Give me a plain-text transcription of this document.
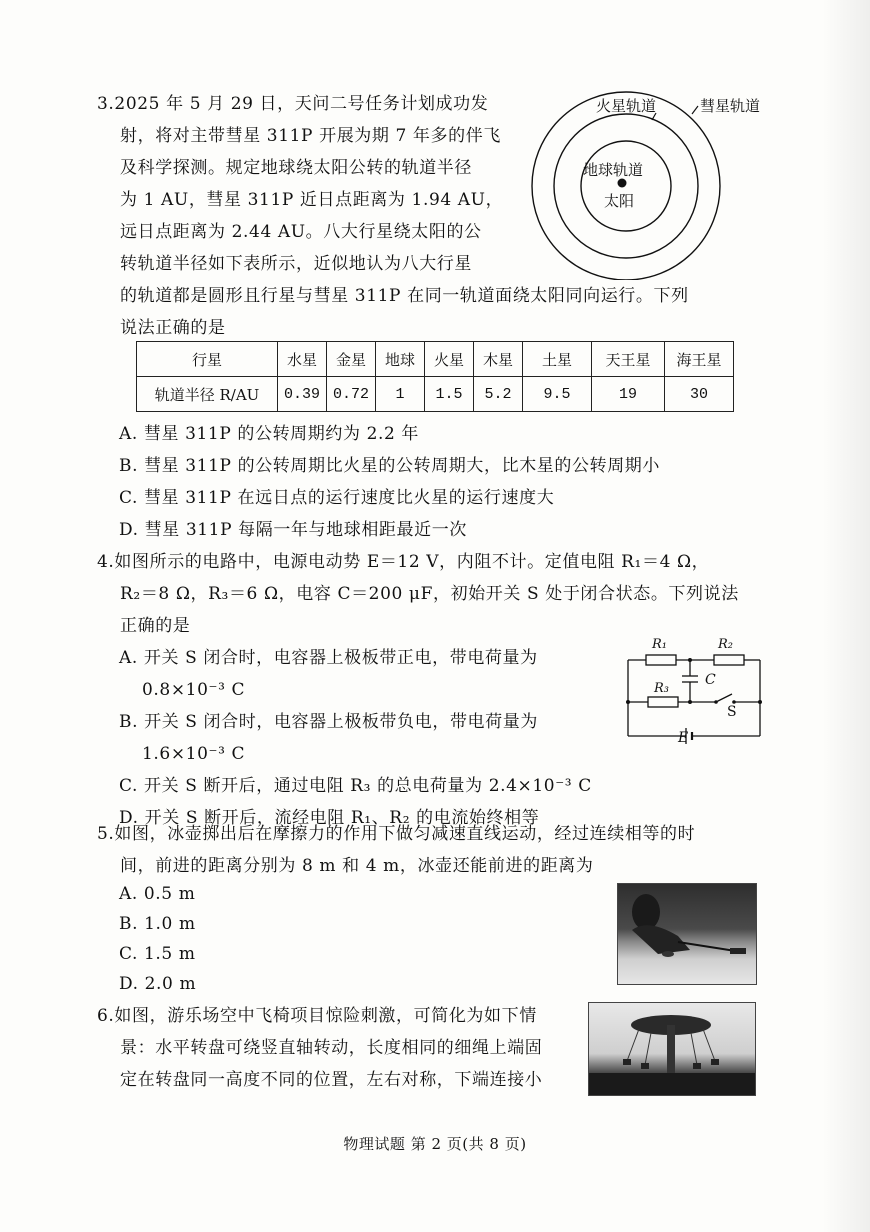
3.2025 年 5 月 29 日，天问二号任务计划成功发
射，将对主带彗星 311P 开展为期 7 年多的伴飞
及科学探测。规定地球绕太阳公转的轨道半径
为 1 AU，彗星 311P 近日点距离为 1.94 AU，
远日点距离为 2.44 AU。八大行星绕太阳的公
转轨道半径如下表所示，近似地认为八大行星
的轨道都是圆形且行星与彗星 311P 在同一轨道面绕太阳同向运行。下列
说法正确的是
火星轨道	彗星轨道
地球轨道
太阳
行星	水星	金星	地球	火星	木星	土星	天王星	海王星
轨道半径 R/AU	0.39	0.72	1	1.5	5.2	9.5	19	30
A. 彗星 311P 的公转周期约为 2.2 年
B. 彗星 311P 的公转周期比火星的公转周期大，比木星的公转周期小
C. 彗星 311P 在远日点的运行速度比火星的运行速度大
D. 彗星 311P 每隔一年与地球相距最近一次
4.如图所示的电路中，电源电动势 E＝12 V，内阻不计。定值电阻 R₁＝4 Ω，
R₂＝8 Ω，R₃＝6 Ω，电容 C＝200 μF，初始开关 S 处于闭合状态。下列说法
正确的是
A. 开关 S 闭合时，电容器上极板带正电，带电荷量为
0.8×10⁻³ C
B. 开关 S 闭合时，电容器上极板带负电，带电荷量为
1.6×10⁻³ C
C. 开关 S 断开后，通过电阻 R₃ 的总电荷量为 2.4×10⁻³ C
D. 开关 S 断开后，流经电阻 R₁、R₂ 的电流始终相等
R₁	R₂
C
R₃
S
E
5.如图，冰壶掷出后在摩擦力的作用下做匀减速直线运动，经过连续相等的时
间，前进的距离分别为 8 m 和 4 m，冰壶还能前进的距离为
A. 0.5 m
B. 1.0 m
C. 1.5 m
D. 2.0 m
6.如图，游乐场空中飞椅项目惊险刺激，可简化为如下情
景：水平转盘可绕竖直轴转动，长度相同的细绳上端固
定在转盘同一高度不同的位置，左右对称，下端连接小
物理试题 第 2 页(共 8 页)
